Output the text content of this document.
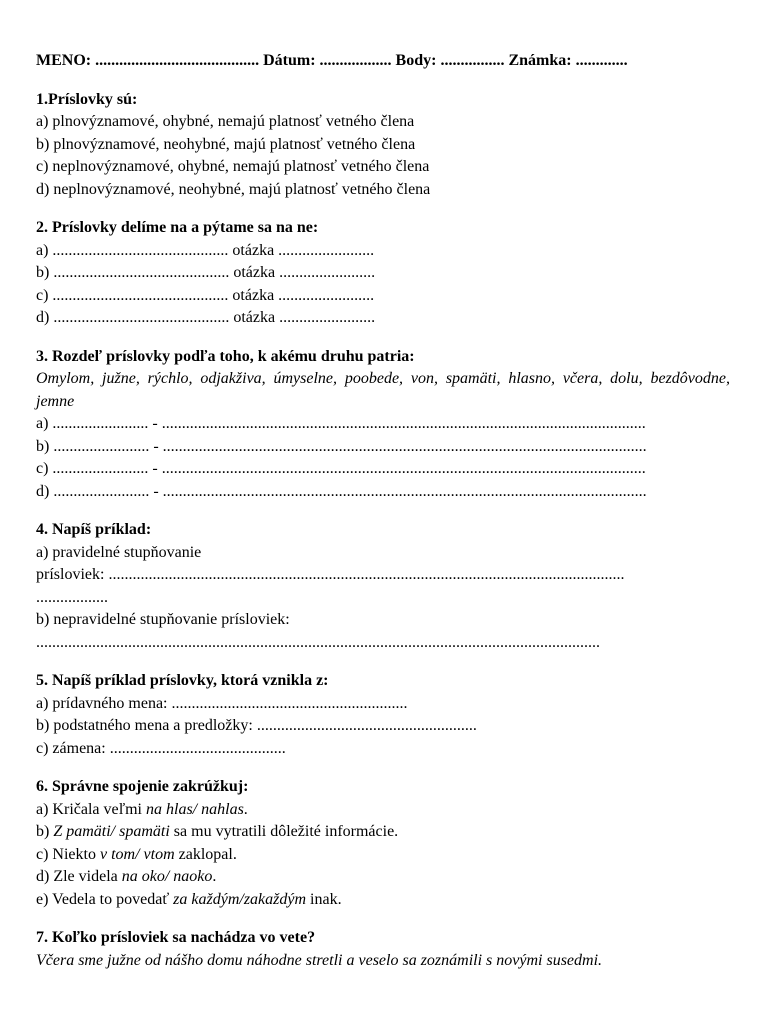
MENO: ......................................... Dátum: .................. Body: ................ Známka: .............

1.Príslovky sú:

a) plnovýznamové, ohybné, nemajú platnosť vetného člena

b) plnovýznamové, neohybné, majú platnosť vetného člena

c) neplnovýznamové, ohybné, nemajú platnosť vetného člena

d) neplnovýznamové, neohybné, majú platnosť vetného člena

2. Príslovky delíme na a pýtame sa na ne:

a) ............................................ otázka ........................

b) ............................................ otázka ........................

c) ............................................ otázka ........................

d) ............................................ otázka ........................

3. Rozdeľ príslovky podľa toho, k akému druhu patria:

Omylom, južne, rýchlo, odjakživa, úmyselne, poobede, von, spamäti, hlasno, včera, dolu, bezdôvodne, jemne

a) ........................ - .........................................................................................................................

b) ........................ - .........................................................................................................................

c) ........................ - .........................................................................................................................

d) ........................ - .........................................................................................................................

4. Napíš príklad:

a) pravidelné stupňovanie

prísloviek: .................................................................................................................................

..................

b) nepravidelné stupňovanie prísloviek:

.............................................................................................................................................

5. Napíš príklad príslovky, ktorá vznikla z:

a) prídavného mena: ...........................................................

b) podstatného mena a predložky: .......................................................

c) zámena: ............................................

6. Správne spojenie zakrúžkuj:

a) Kričala veľmi na hlas/ nahlas.

b) Z pamäti/ spamäti sa mu vytratili dôležité informácie.

c) Niekto v tom/ vtom zaklopal.

d) Zle videla na oko/ naoko.

e) Vedela to povedať za každým/zakaždým inak.

7. Koľko prísloviek sa nachádza vo vete?

Včera sme južne od nášho domu náhodne stretli a veselo sa zoznámili s novými susedmi.
